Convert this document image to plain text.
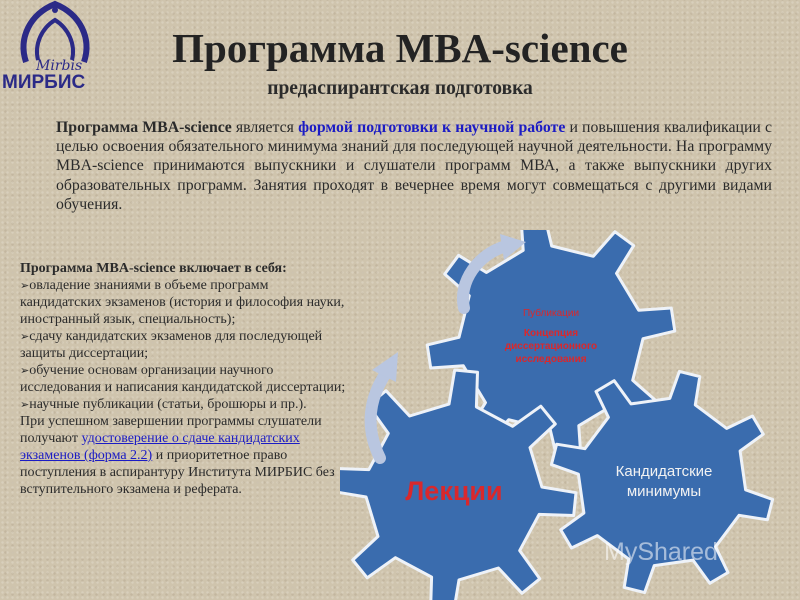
Mirbis
МИРБИС
Программа MBA-science
предаспирантская подготовка
Программа MBA-science является формой подготовки к научной работе и повышения квалификации с целью освоения обязательного минимума знаний для последующей научной деятельности. На программу MBA-science принимаются выпускники и слушатели программ МВА, а также выпускники других образовательных программ. Занятия проходят в вечернее время могут совмещаться с другими видами обучения.
Программа MBA-science включает в себя:
➢овладение знаниями в объеме программ кандидатских экзаменов (история и философия науки, иностранный язык, специальность);
➢сдачу кандидатских экзаменов для последующей защиты диссертации;
➢обучение основам организации научного исследования и написания кандидатской диссертации;
➢научные публикации (статьи, брошюры и пр.).
При успешном завершении программы слушатели получают удостоверение о сдаче кандидатских экзаменов (форма 2.2) и приоритетное право поступления в аспирантуру Института МИРБИС без вступительного экзамена и реферата.	Лекции
Кандидатские
минимумы
Публикации
Концепция
диссертационного
исследования
MyShared
